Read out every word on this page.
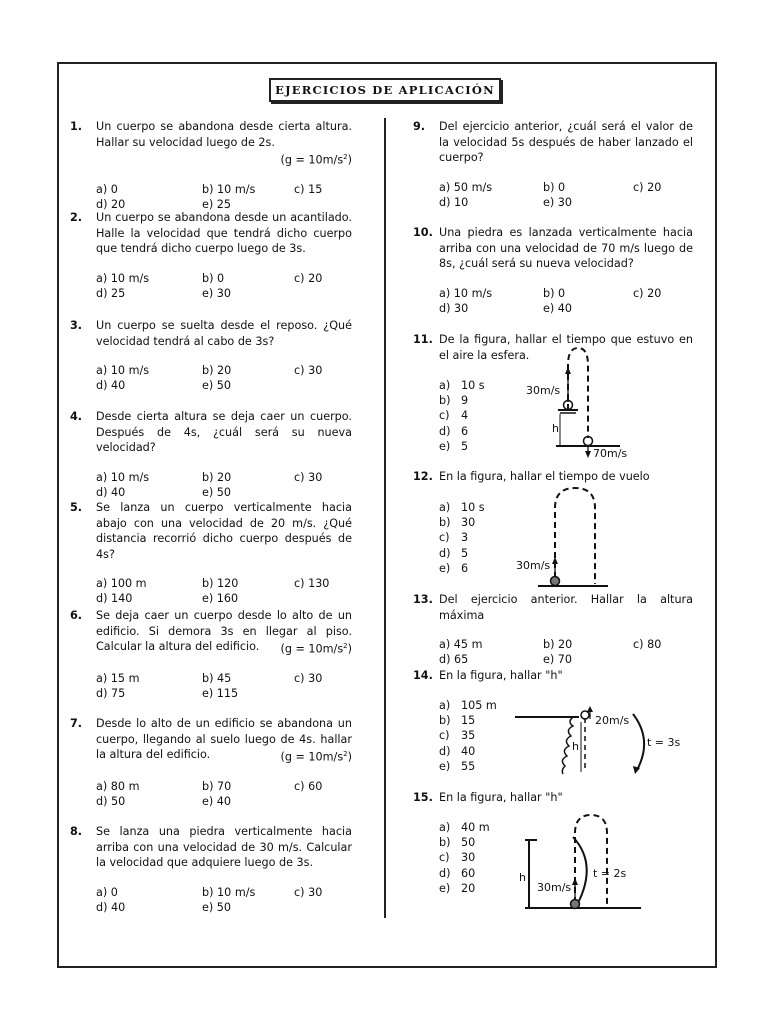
EJERCICIOS DE APLICACIÓN
1.	Un cuerpo se abandona desde cierta altura. Hallar su velocidad luego de 2s.
$(g = 10m/s^2)$
a) 0	b) 10 m/s	c) 15
d) 20	e) 25
2.	Un cuerpo se abandona desde un acantilado. Halle la velocidad que tendrá dicho cuerpo que tendrá dicho cuerpo luego de 3s.
a) 10 m/s	b) 0	c) 20
d) 25	e) 30
3.	Un cuerpo se suelta desde el reposo. ¿Qué velocidad tendrá al cabo de 3s?
a) 10 m/s	b) 20	c) 30
d) 40	e) 50
4.	Desde cierta altura se deja caer un cuerpo. Después de 4s, ¿cuál será su nueva velocidad?
a) 10 m/s	b) 20	c) 30
d) 40	e) 50
5.	Se lanza un cuerpo verticalmente hacia abajo con una velocidad de 20 m/s. ¿Qué distancia recorrió dicho cuerpo después de 4s?
a) 100 m	b) 120	c) 130
d) 140	e) 160
6.	Se deja caer un cuerpo desde lo alto de un edificio. Si demora 3s en llegar al piso. Calcular la altura del edificio. $(g = 10m/s^2)$
a) 15 m	b) 45	c) 30
d) 75	e) 115
7.	Desde lo alto de un edificio se abandona un cuerpo, llegando al suelo luego de 4s. hallar la altura del edificio.	$(g = 10m/s^2)$
a) 80 m	b) 70	c) 60
d) 50	e) 40
8.	Se lanza una piedra verticalmente hacia arriba con una velocidad de 30 m/s. Calcular la velocidad que adquiere luego de 3s.
a) 0	b) 10 m/s	c) 30
d) 40	e) 50
9.	Del ejercicio anterior, ¿cuál será el valor de la velocidad 5s después de haber lanzado el cuerpo?
a) 50 m/s	b) 0	c) 20
d) 10	e) 30
10. Una piedra es lanzada verticalmente hacia arriba con una velocidad de 70 m/s luego de 8s, ¿cuál será su nueva velocidad?
a) 10 m/s	b) 0	c) 20
d) 30	e) 40
11. De la figura, hallar el tiempo que estuvo en el aire la esfera.
a) 10 s
b) 9
c)	4
d) 6
e) 5
30m/s
h
70m/s
12. En la figura, hallar el tiempo de vuelo
a) 10 s
b) 30
c)	3
d) 5
e) 6	30m/s
13. Del ejercicio anterior. Hallar la altura máxima
a) 45 m	b) 20	c) 80
d) 65	e) 70
14. En la figura, hallar "h"
a) 105 m
b) 15
c)	35
d) 40
e) 55
h
20m/s
t = 3s
15. En la figura, hallar "h"
a) 40 m
b) 50
c)	30
d) 60
e) 20
h
30m/s
t = 2s
